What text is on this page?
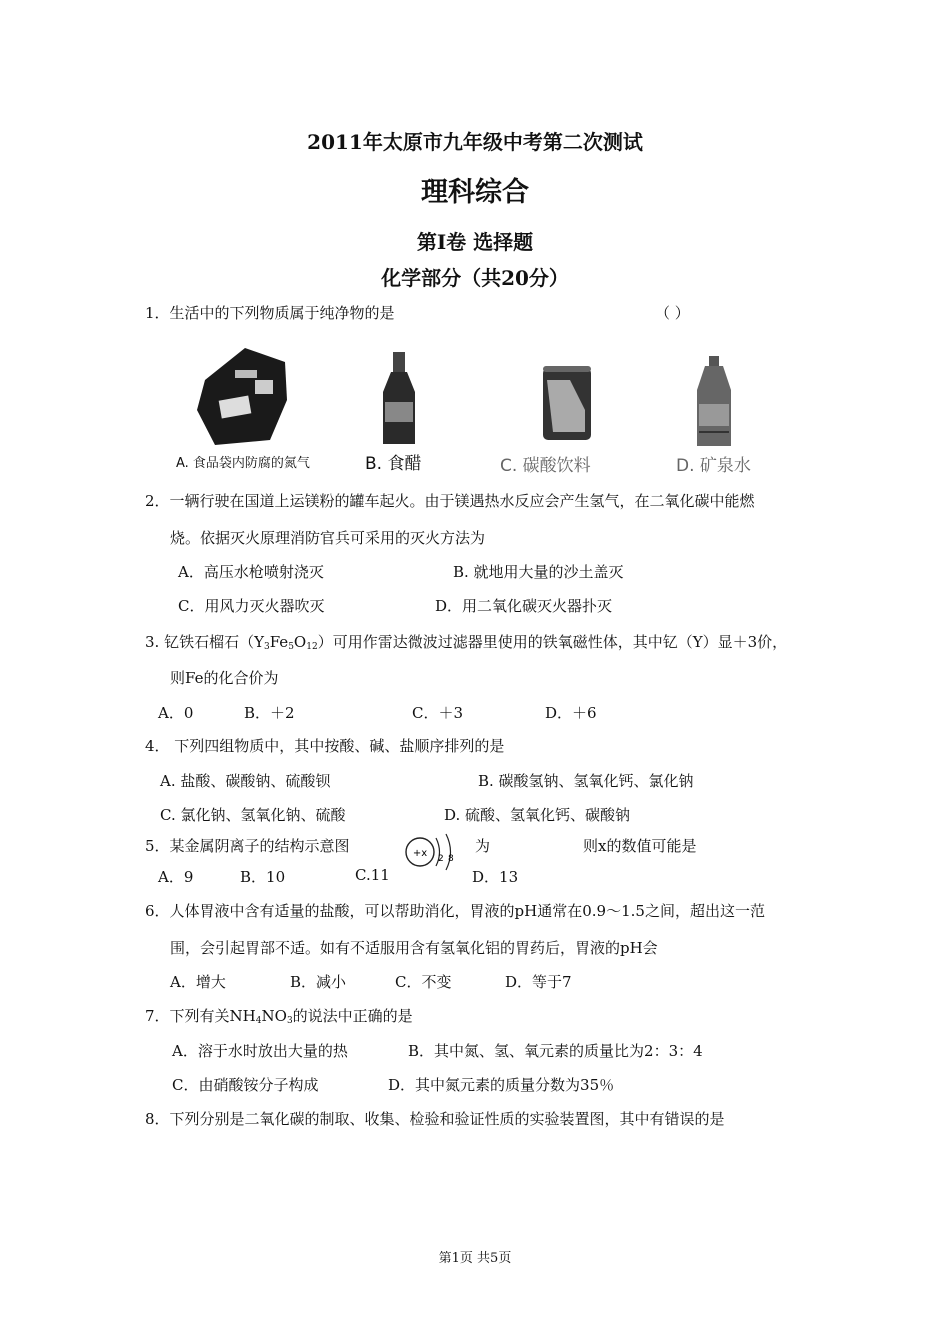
2011年太原市九年级中考第二次测试
理科综合
第I卷 选择题
化学部分（共20分）
1．生活中的下列物质属于纯净物的是	（ ）
A. 食品袋内防腐的氮气	B. 食醋	C. 碳酸饮料	D. 矿泉水
2．一辆行驶在国道上运镁粉的罐车起火。由于镁遇热水反应会产生氢气，在二氧化碳中能燃
烧。依据灭火原理消防官兵可采用的灭火方法为
A．高压水枪喷射浇灭	B. 就地用大量的沙土盖灭
C．用风力灭火器吹灭	D．用二氧化碳灭火器扑灭
3. 钇铁石榴石$(Y_3Fe_5O_{12})$可用作雷达微波过滤器里使用的铁氧磁性体，其中钇（Y）显＋3价，
则Fe的化合价为
A．0	B．＋2	C．＋3	D．＋6
4． 下列四组物质中，其中按酸、碱、盐顺序排列的是
A. 盐酸、碳酸钠、硫酸钡	B. 碳酸氢钠、氢氧化钙、氯化钠
C. 氯化钠、氢氧化钠、硫酸	D. 硫酸、氢氧化钙、碳酸钠
5．某金属阴离子的结构示意图	+x 2 8
为	则x的数值可能是
A．9	B．10	C.11	D．13
6．人体胃液中含有适量的盐酸，可以帮助消化，胃液的pH通常在0.9～1.5之间，超出这一范
围，会引起胃部不适。如有不适服用含有氢氧化铝的胃药后，胃液的pH会
A．增大	B．减小	C．不变	D．等于7
7．下列有关$NH_4NO_3$的说法中正确的是
A．溶于水时放出大量的热	B．其中氮、氢、氧元素的质量比为2：3：4
C．由硝酸铵分子构成	D．其中氮元素的质量分数为35％
8．下列分别是二氧化碳的制取、收集、检验和验证性质的实验装置图，其中有错误的是
第1页 共5页
